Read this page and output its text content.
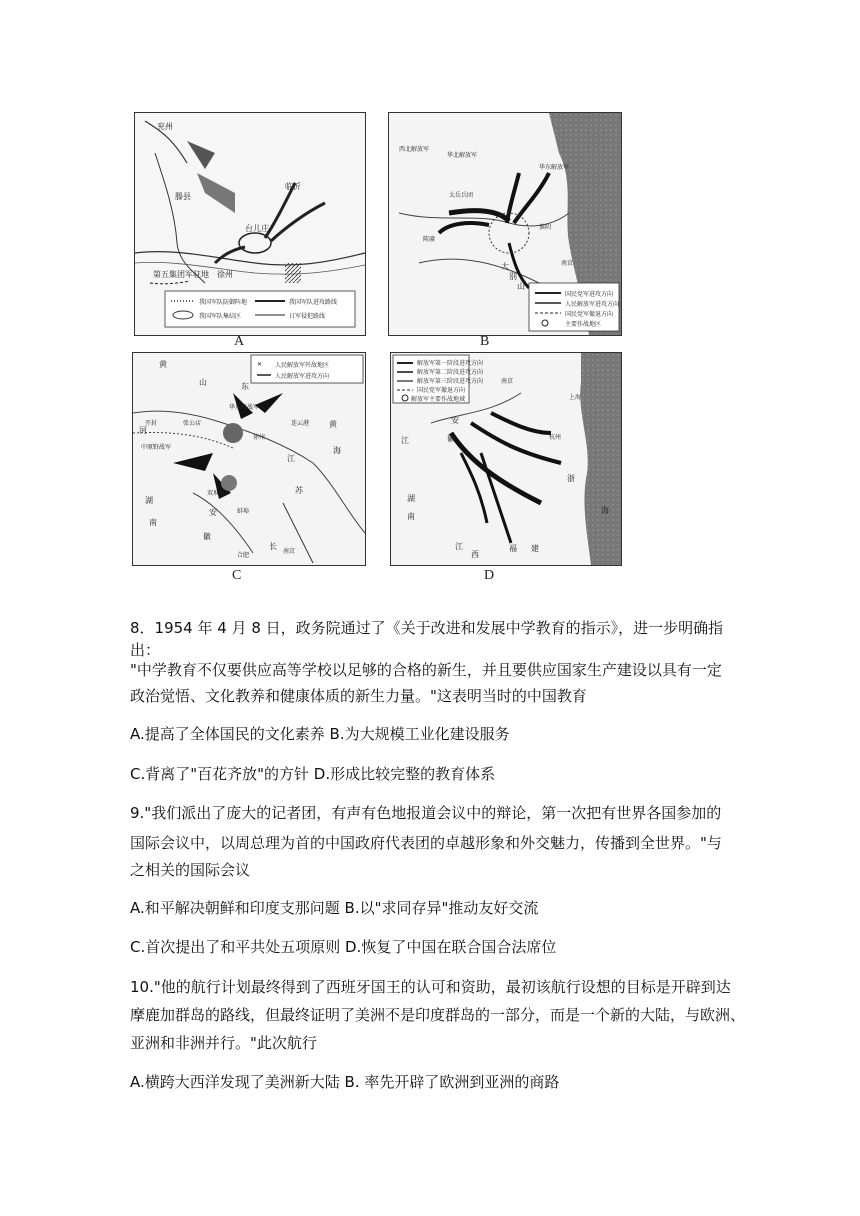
兖州
滕县
临沂
台儿庄
第五集团军驻地 徐州
我国军队防御阵地
我国军队集结区
我国军队进攻路线
日军侵犯路线
A
西北解放军
华北解放军
太岳兵团
陈赓
华东解放军
淮阴
大
别
山
南京
国民党军进攻方向
人民解放军进攻方向
国民党军撤退方向
主要作战地区
B
✕ 人民解放军歼敌地区
人民解放军进攻方向
黄
山	东
河
开封	张公店
中原野战军
华东野战军
徐州
连云港 黄
海
江
苏
双堆集
安	蚌埠
徽
合肥
南京
湖
南
长
C
解放军第一阶段进攻方向
解放军第二阶段进攻方向
解放军第三阶段进攻方向
国民党军撤退方向
解放军主要作战地域
南京
安
徽
江	杭州
浙
湖
南
江
西
福 建
上海
海
D
8．1954 年 4 月 8 日，政务院通过了《关于改进和发展中学教育的指示》，进一步明确指出：
"中学教育不仅要供应高等学校以足够的合格的新生，并且要供应国家生产建设以具有一定
政治觉悟、文化教养和健康体质的新生力量。"这表明当时的中国教育
A.提高了全体国民的文化素养 B.为大规模工业化建设服务
C.背离了"百花齐放"的方针 D.形成比较完整的教育体系
9."我们派出了庞大的记者团，有声有色地报道会议中的辩论，第一次把有世界各国参加的
国际会议中，以周总理为首的中国政府代表团的卓越形象和外交魅力，传播到全世界。"与
之相关的国际会议
A.和平解决朝鲜和印度支那问题 B.以"求同存异"推动友好交流
C.首次提出了和平共处五项原则 D.恢复了中国在联合国合法席位
10."他的航行计划最终得到了西班牙国王的认可和资助，最初该航行设想的目标是开辟到达
摩鹿加群岛的路线，但最终证明了美洲不是印度群岛的一部分，而是一个新的大陆，与欧洲、
亚洲和非洲并行。"此次航行
A.横跨大西洋发现了美洲新大陆 B. 率先开辟了欧洲到亚洲的商路
